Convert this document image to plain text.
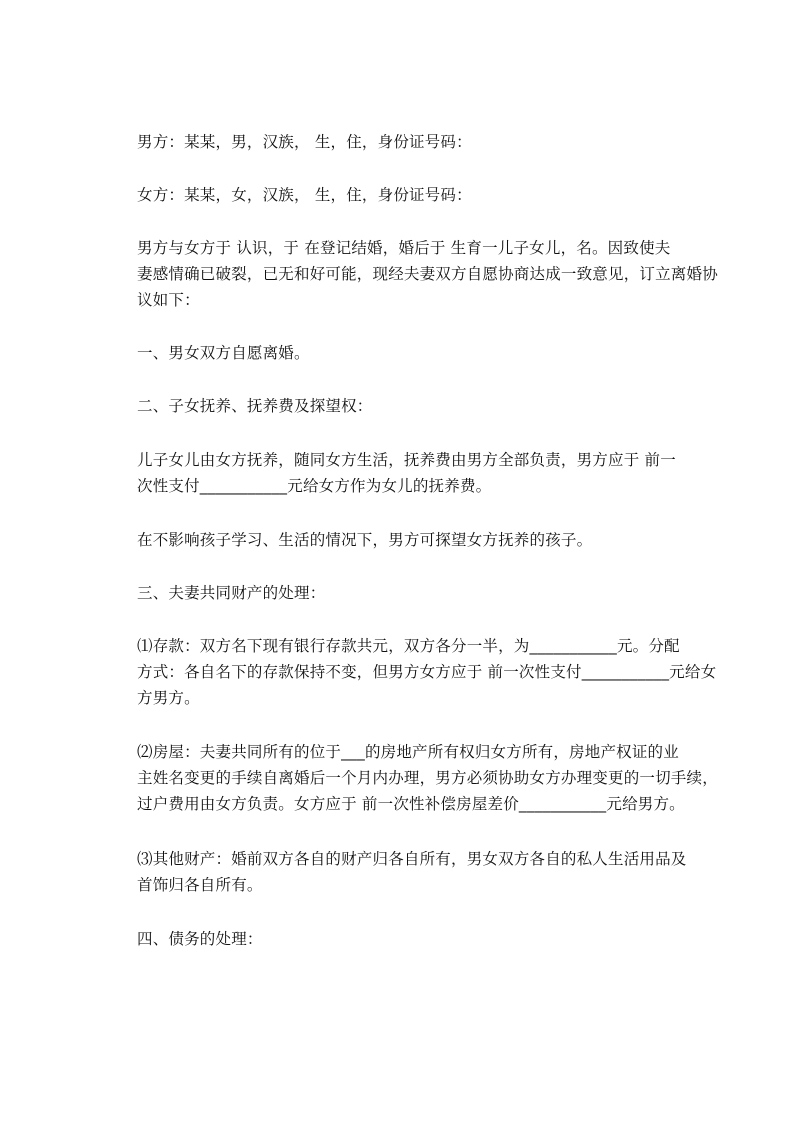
男方：某某，男，汉族， 生，住，身份证号码：

女方：某某，女，汉族， 生，住，身份证号码：

男方与女方于 认识，于 在登记结婚，婚后于 生育一儿子女儿，名。因致使夫
妻感情确已破裂，已无和好可能，现经夫妻双方自愿协商达成一致意见，订立离婚协
议如下：

一、男女双方自愿离婚。

二、子女抚养、抚养费及探望权：

儿子女儿由女方抚养，随同女方生活，抚养费由男方全部负责，男方应于 前一
次性支付___________元给女方作为女儿的抚养费。

在不影响孩子学习、生活的情况下，男方可探望女方抚养的孩子。

三、夫妻共同财产的处理：

⑴存款：双方名下现有银行存款共元，双方各分一半，为___________元。分配
方式：各自名下的存款保持不变，但男方女方应于 前一次性支付___________元给女
方男方。

⑵房屋：夫妻共同所有的位于___的房地产所有权归女方所有，房地产权证的业
主姓名变更的手续自离婚后一个月内办理，男方必须协助女方办理变更的一切手续，
过户费用由女方负责。女方应于 前一次性补偿房屋差价___________元给男方。

⑶其他财产：婚前双方各自的财产归各自所有，男女双方各自的私人生活用品及
首饰归各自所有。

四、债务的处理：
